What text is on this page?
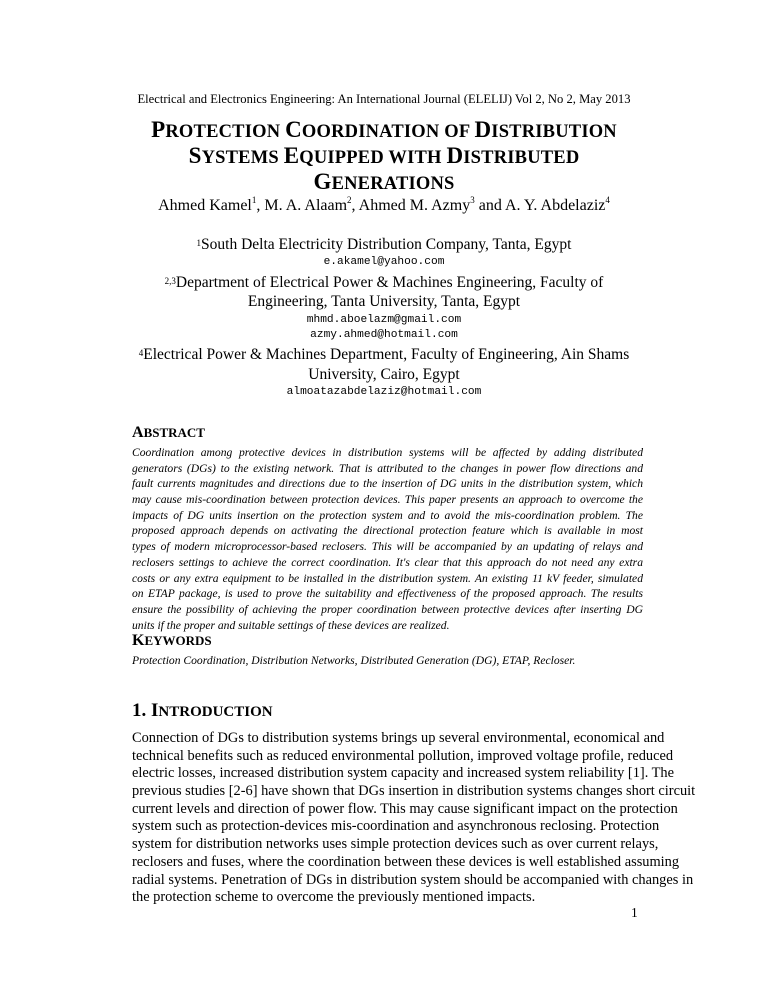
Electrical and Electronics Engineering: An International Journal (ELELIJ) Vol 2, No 2, May 2013
PROTECTION COORDINATION OF DISTRIBUTION
SYSTEMS EQUIPPED WITH DISTRIBUTED
GENERATIONS
Ahmed Kamel$^1$, M. A. Alaam$^2$, Ahmed M. Azmy$^3$ and A. Y. Abdelaziz$^4$
$^1$South Delta Electricity Distribution Company, Tanta, Egypt
e.akamel@yahoo.com
$^{2,3}$Department of Electrical Power & Machines Engineering, Faculty of
Engineering, Tanta University, Tanta, Egypt
mhmd.aboelazm@gmail.com
azmy.ahmed@hotmail.com
$^4$Electrical Power & Machines Department, Faculty of Engineering, Ain Shams
University, Cairo, Egypt
almoatazabdelaziz@hotmail.com
ABSTRACT
Coordination among protective devices in distribution systems will be affected by adding distributed
generators (DGs) to the existing network. That is attributed to the changes in power flow directions and
fault currents magnitudes and directions due to the insertion of DG units in the distribution system, which
may cause mis-coordination between protection devices. This paper presents an approach to overcome the
impacts of DG units insertion on the protection system and to avoid the mis-coordination problem. The
proposed approach depends on activating the directional protection feature which is available in most
types of modern microprocessor-based reclosers. This will be accompanied by an updating of relays and
reclosers settings to achieve the correct coordination. It's clear that this approach do not need any extra
costs or any extra equipment to be installed in the distribution system. An existing 11 kV feeder, simulated
on ETAP package, is used to prove the suitability and effectiveness of the proposed approach. The results
ensure the possibility of achieving the proper coordination between protective devices after inserting DG
units if the proper and suitable settings of these devices are realized.
KEYWORDS
Protection Coordination, Distribution Networks, Distributed Generation (DG), ETAP, Recloser.
1. INTRODUCTION
Connection of DGs to distribution systems brings up several environmental, economical and
technical benefits such as reduced environmental pollution, improved voltage profile, reduced
electric losses, increased distribution system capacity and increased system reliability [1]. The
previous studies [2-6] have shown that DGs insertion in distribution systems changes short circuit
current levels and direction of power flow. This may cause significant impact on the protection
system such as protection-devices mis-coordination and asynchronous reclosing. Protection
system for distribution networks uses simple protection devices such as over current relays,
reclosers and fuses, where the coordination between these devices is well established assuming
radial systems. Penetration of DGs in distribution system should be accompanied with changes in
the protection scheme to overcome the previously mentioned impacts.
1
